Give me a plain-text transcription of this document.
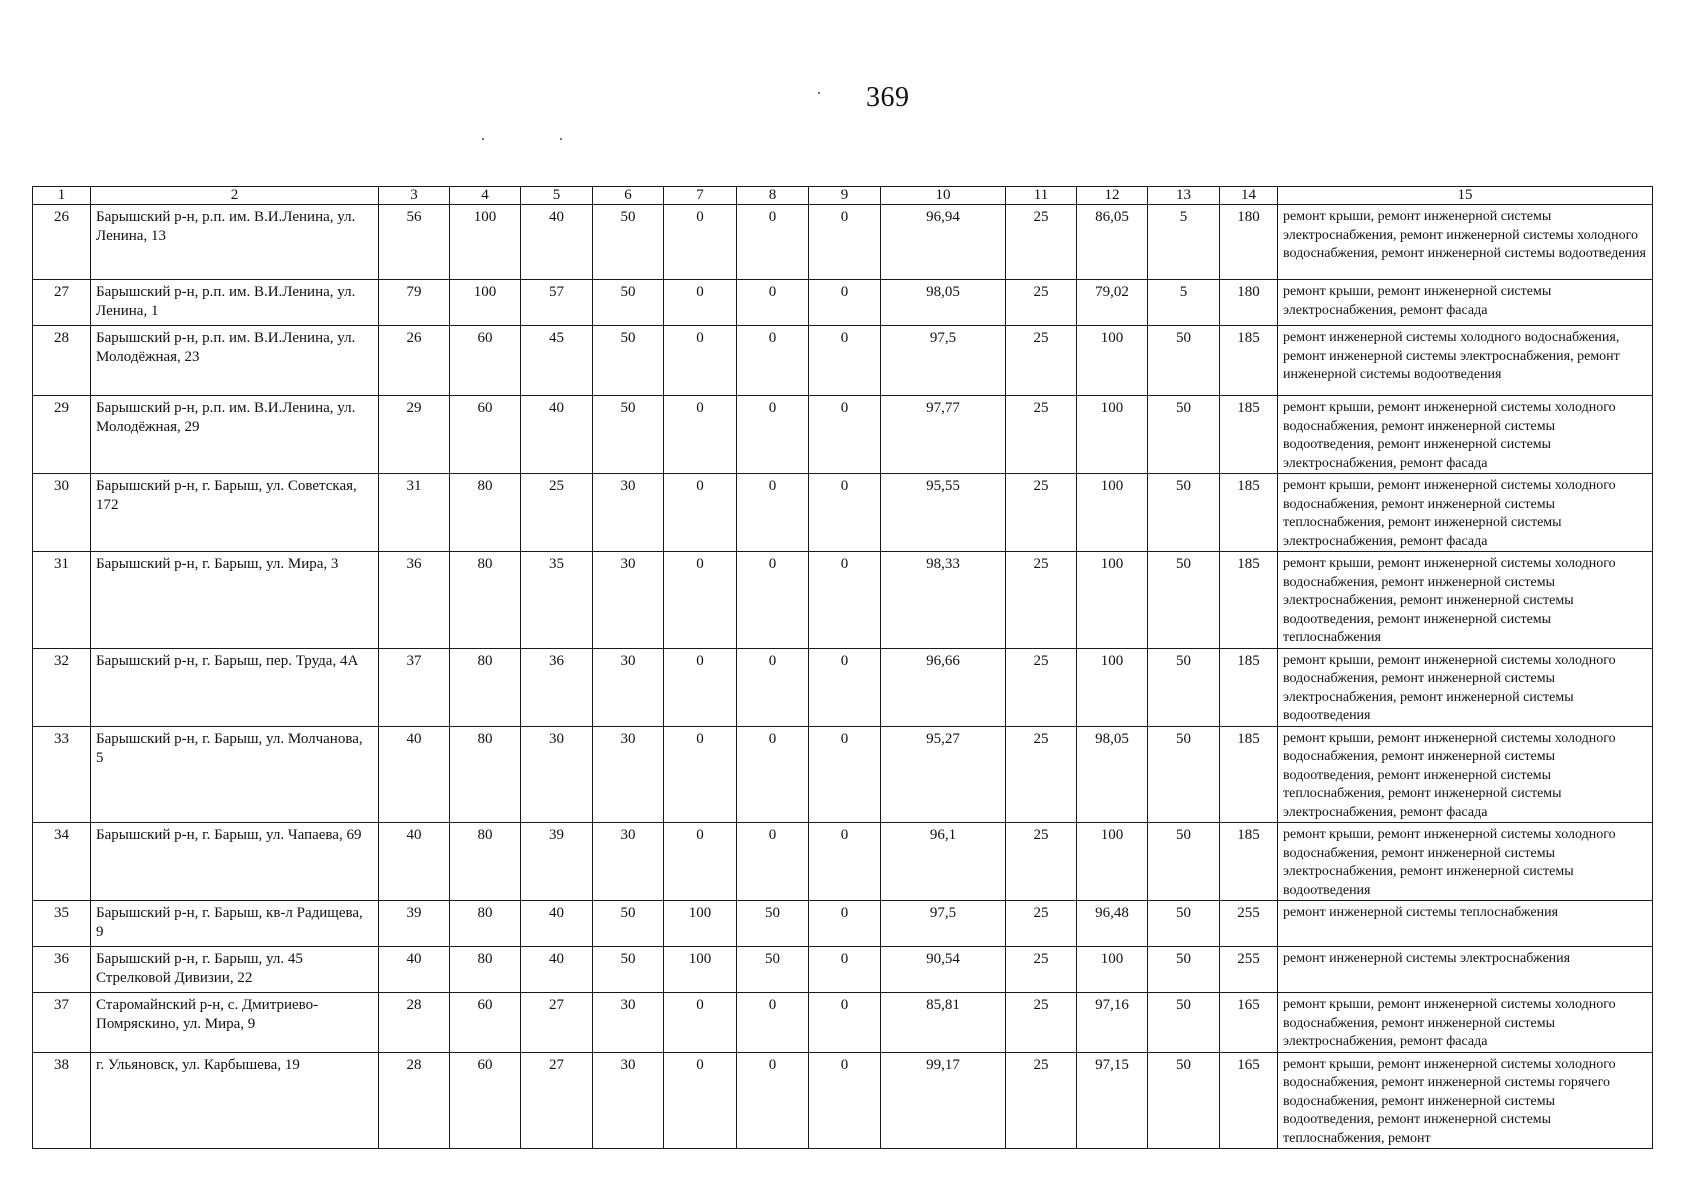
369
1	2	3	4	5	6	7	8	9	10	11	12	13	14	15
26	Барышский р-н, р.п. им. В.И.Ленина, ул. Ленина, 13	56	100	40	50	0	0	0	96,94	25	86,05	5	180	ремонт крыши, ремонт инженерной системы электроснабжения, ремонт инженерной системы холодного водоснабжения, ремонт инженерной системы водоотведения
27	Барышский р-н, р.п. им. В.И.Ленина, ул. Ленина, 1	79	100	57	50	0	0	0	98,05	25	79,02	5	180	ремонт крыши, ремонт инженерной системы электроснабжения, ремонт фасада
28	Барышский р-н, р.п. им. В.И.Ленина, ул. Молодёжная, 23	26	60	45	50	0	0	0	97,5	25	100	50	185	ремонт инженерной системы холодного водоснабжения, ремонт инженерной системы электроснабжения, ремонт инженерной системы водоотведения
29	Барышский р-н, р.п. им. В.И.Ленина, ул. Молодёжная, 29	29	60	40	50	0	0	0	97,77	25	100	50	185	ремонт крыши, ремонт инженерной системы холодного водоснабжения, ремонт инженерной системы водоотведения, ремонт инженерной системы электроснабжения, ремонт фасада
30	Барышский р-н, г. Барыш, ул. Советская, 172	31	80	25	30	0	0	0	95,55	25	100	50	185	ремонт крыши, ремонт инженерной системы холодного водоснабжения, ремонт инженерной системы теплоснабжения, ремонт инженерной системы электроснабжения, ремонт фасада
31	Барышский р-н, г. Барыш, ул. Мира, 3	36	80	35	30	0	0	0	98,33	25	100	50	185	ремонт крыши, ремонт инженерной системы холодного водоснабжения, ремонт инженерной системы электроснабжения, ремонт инженерной системы водоотведения, ремонт инженерной системы теплоснабжения
32	Барышский р-н, г. Барыш, пер. Труда, 4А	37	80	36	30	0	0	0	96,66	25	100	50	185	ремонт крыши, ремонт инженерной системы холодного водоснабжения, ремонт инженерной системы электроснабжения, ремонт инженерной системы водоотведения
33	Барышский р-н, г. Барыш, ул. Молчанова, 5	40	80	30	30	0	0	0	95,27	25	98,05	50	185	ремонт крыши, ремонт инженерной системы холодного водоснабжения, ремонт инженерной системы водоотведения, ремонт инженерной системы теплоснабжения, ремонт инженерной системы электроснабжения, ремонт фасада
34	Барышский р-н, г. Барыш, ул. Чапаева, 69	40	80	39	30	0	0	0	96,1	25	100	50	185	ремонт крыши, ремонт инженерной системы холодного водоснабжения, ремонт инженерной системы электроснабжения, ремонт инженерной системы водоотведения
35	Барышский р-н, г. Барыш, кв-л Радищева, 9	39	80	40	50	100	50	0	97,5	25	96,48	50	255	ремонт инженерной системы теплоснабжения
36	Барышский р-н, г. Барыш, ул. 45 Стрелковой Дивизии, 22	40	80	40	50	100	50	0	90,54	25	100	50	255	ремонт инженерной системы электроснабжения
37	Старомайнский р-н, с. Дмитриево-Помряскино, ул. Мира, 9	28	60	27	30	0	0	0	85,81	25	97,16	50	165	ремонт крыши, ремонт инженерной системы холодного водоснабжения, ремонт инженерной системы электроснабжения, ремонт фасада
38	г. Ульяновск, ул. Карбышева, 19	28	60	27	30	0	0	0	99,17	25	97,15	50	165	ремонт крыши, ремонт инженерной системы холодного водоснабжения, ремонт инженерной системы горячего водоснабжения, ремонт инженерной системы водоотведения, ремонт инженерной системы теплоснабжения, ремонт
